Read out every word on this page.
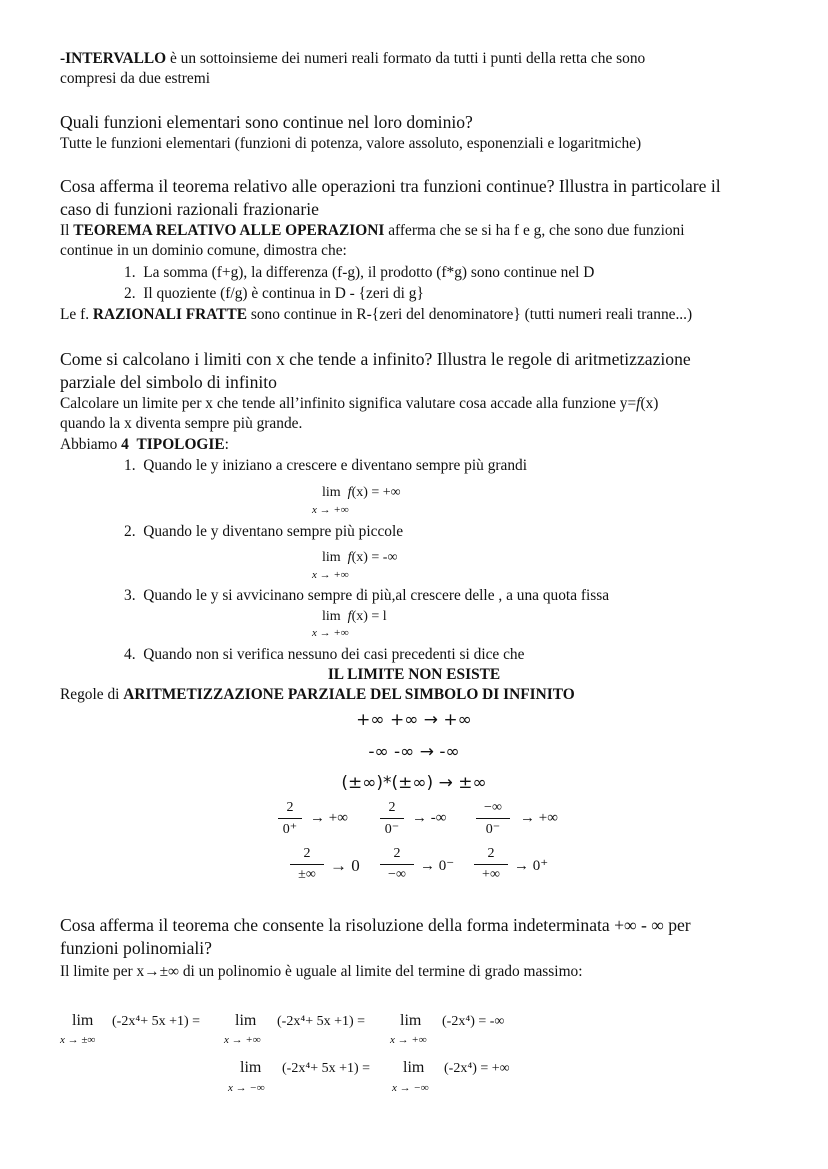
-INTERVALLO è un sottoinsieme dei numeri reali formato da tutti i punti della retta che sono
compresi da due estremi
Quali funzioni elementari sono continue nel loro dominio?
Tutte le funzioni elementari (funzioni di potenza, valore assoluto, esponenziali e logaritmiche)
Cosa afferma il teorema relativo alle operazioni tra funzioni continue? Illustra in particolare il
caso di funzioni razionali frazionarie
Il TEOREMA RELATIVO ALLE OPERAZIONI afferma che se si ha f e g, che sono due funzioni
continue in un dominio comune, dimostra che:
1. La somma (f+g), la differenza (f-g), il prodotto (f*g) sono continue nel D
2. Il quoziente (f/g) è continua in D - {zeri di g}
Le f. RAZIONALI FRATTE sono continue in R-{zeri del denominatore} (tutti numeri reali tranne...)
Come si calcolano i limiti con x che tende a infinito? Illustra le regole di aritmetizzazione
parziale del simbolo di infinito
Calcolare un limite per x che tende all’infinito significa valutare cosa accade alla funzione y=f(x)
quando la x diventa sempre più grande.
Abbiamo 4 TIPOLOGIE:
1. Quando le y iniziano a crescere e diventano sempre più grandi
lim f(x) = +∞
x → +∞
2. Quando le y diventano sempre più piccole
lim f(x) = -∞
x → +∞
3. Quando le y si avvicinano sempre di più,al crescere delle , a una quota fissa
lim f(x) = l
x → +∞
4. Quando non si verifica nessuno dei casi precedenti si dice che
IL LIMITE NON ESISTE
Regole di ARITMETIZZAZIONE PARZIALE DEL SIMBOLO DI INFINITO
+∞ +∞ → +∞
-∞ -∞ → -∞
(±∞)*(±∞) → ±∞
2
0⁺
→ +∞
2
0⁻
→ -∞
−∞
0⁻
→ +∞
2
±∞ → 0
2
−∞
→ 0⁻
2
+∞
→ 0⁺
Cosa afferma il teorema che consente la risoluzione della forma indeterminata +∞ - ∞ per
funzioni polinomiali?
Il limite per x→±∞ di un polinomio è uguale al limite del termine di grado massimo:
lim
x → ±∞
(-2x⁴+ 5x +1) = lim
x → +∞
(-2x⁴+ 5x +1) = lim
x → +∞
(-2x⁴) = -∞
lim
x → −∞
(-2x⁴+ 5x +1) = lim
x → −∞
(-2x⁴) = +∞
